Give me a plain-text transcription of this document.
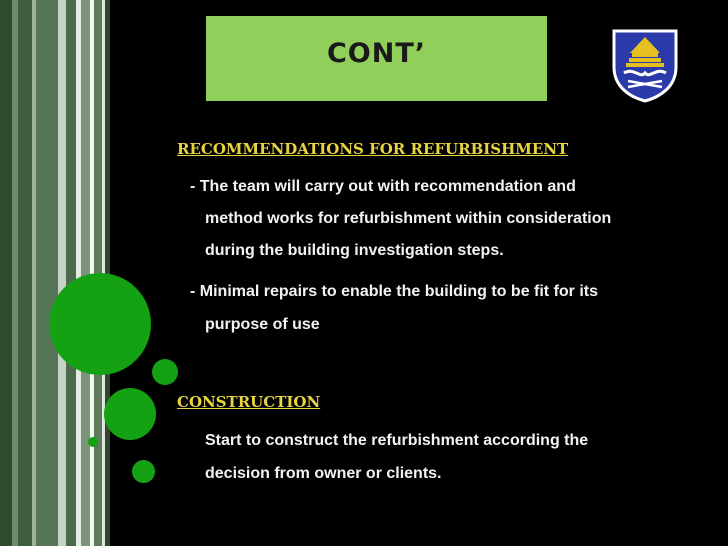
CONT’
RECOMMENDATIONS FOR REFURBISHMENT
- The team will carry out with recommendation and
method works for refurbishment within consideration
during the building investigation steps.
- Minimal repairs to enable the building to be fit for its
purpose of use
CONSTRUCTION
Start to construct the refurbishment according the
decision from owner or clients.
